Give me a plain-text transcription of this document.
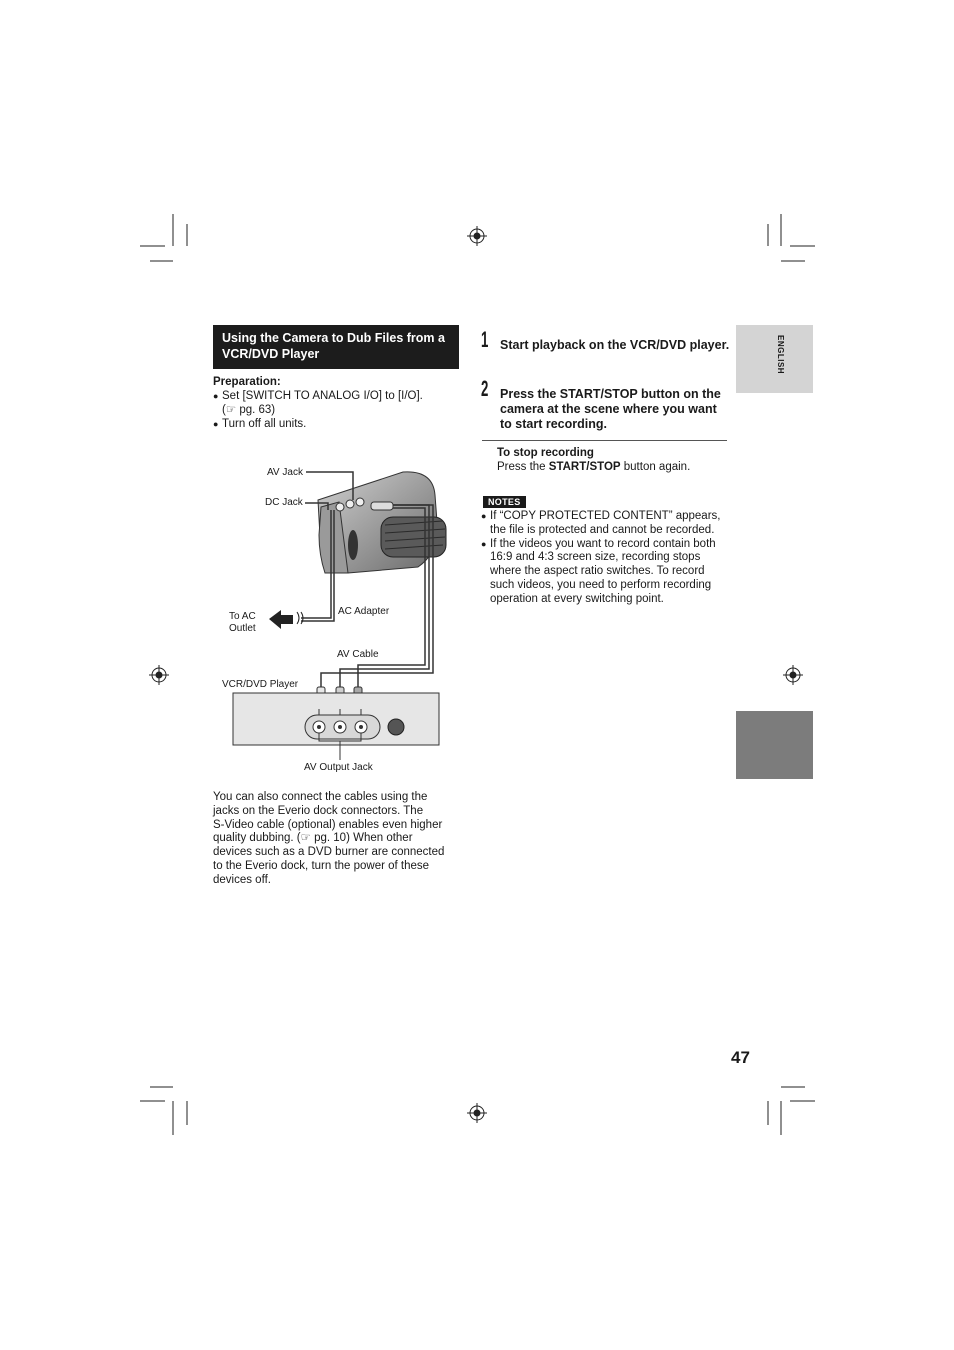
Using the Camera to Dub Files from a VCR/DVD Player
Preparation:
● Set [SWITCH TO ANALOG I/O] to [I/O].
(☞ pg. 63)
● Turn off all units.
AV Jack
DC Jack
To AC
Outlet
AC Adapter
AV Cable
VCR/DVD Player
AV Output Jack
You can also connect the cables using the
jacks on the Everio dock connectors. The
S-Video cable (optional) enables even higher
quality dubbing. (☞ pg. 10) When other
devices such as a DVD burner are connected
to the Everio dock, turn the power of these
devices off.
1 Start playback on the VCR/DVD player.
2 Press the START/STOP button on the camera at the scene where you want to start recording.
To stop recording
Press the START/STOP button again.
NOTES
● If “COPY PROTECTED CONTENT” appears, the file is protected and cannot be recorded.
● If the videos you want to record contain both 16:9 and 4:3 screen size, recording stops where the aspect ratio switches. To record such videos, you need to perform recording operation at every switching point.
ENGLISH
47
